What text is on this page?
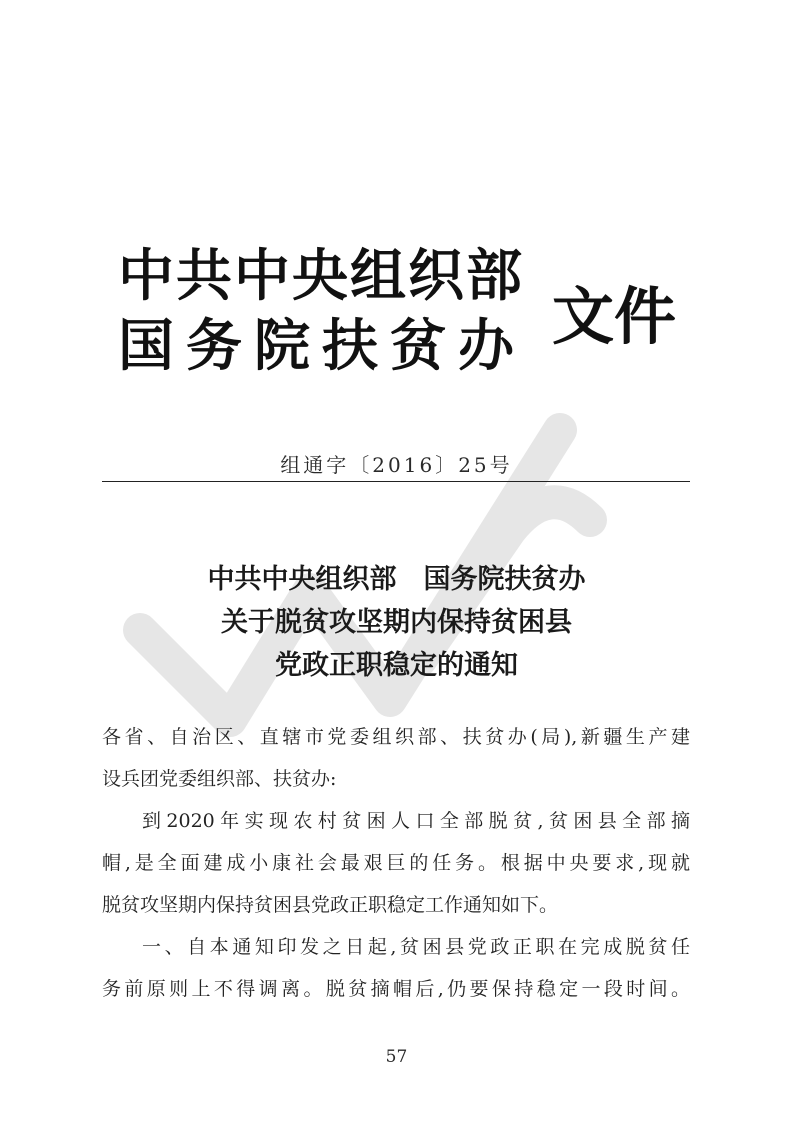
中共中央组织部
国务院扶贫办 文件
组通字〔2016〕25号
中共中央组织部　国务院扶贫办
关于脱贫攻坚期内保持贫困县
党政正职稳定的通知
各省、自治区、直辖市党委组织部、扶贫办(局),新疆生产建
设兵团党委组织部、扶贫办:
到2020年实现农村贫困人口全部脱贫,贫困县全部摘
帽,是全面建成小康社会最艰巨的任务。根据中央要求,现就
脱贫攻坚期内保持贫困县党政正职稳定工作通知如下。
一、自本通知印发之日起,贫困县党政正职在完成脱贫任
务前原则上不得调离。脱贫摘帽后,仍要保持稳定一段时间。
57
